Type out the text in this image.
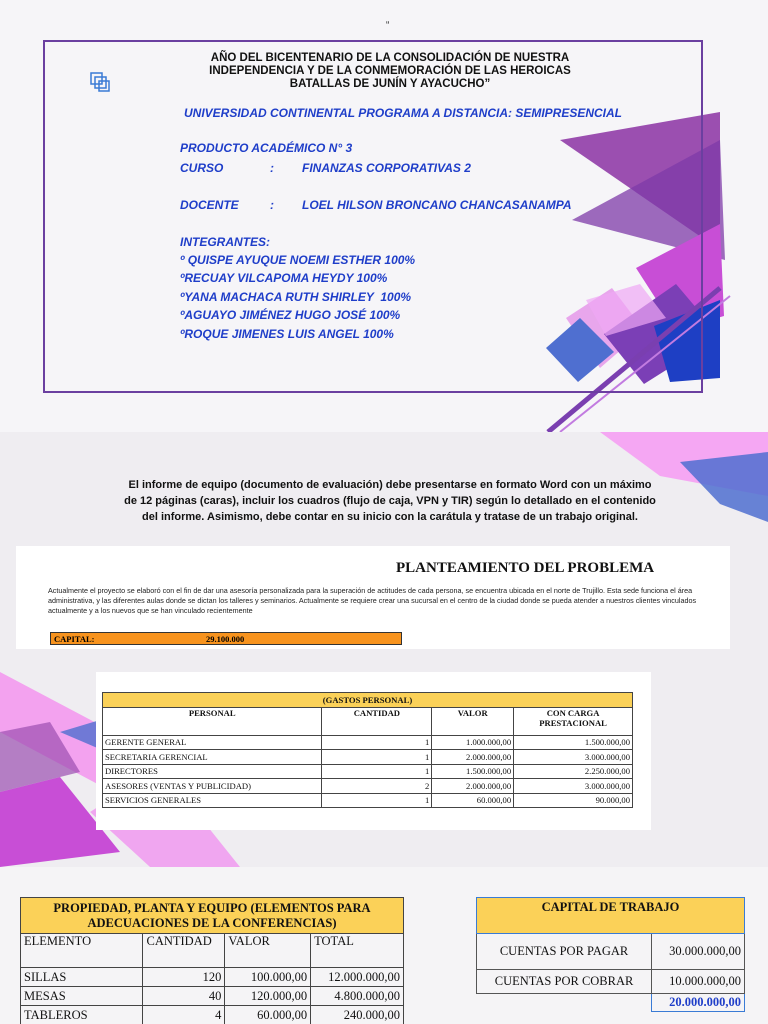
“
AÑO DEL BICENTENARIO DE LA CONSOLIDACIÓN DE NUESTRA
INDEPENDENCIA Y DE LA CONMEMORACIÓN DE LAS HEROICAS
BATALLAS DE JUNÍN Y AYACUCHO”
UNIVERSIDAD CONTINENTAL PROGRAMA A DISTANCIA: SEMIPRESENCIAL
PRODUCTO ACADÉMICO N° 3
CURSO	: FINANZAS CORPORATIVAS 2
DOCENTE	: LOEL HILSON BRONCANO CHANCASANAMPA
INTEGRANTES:
º QUISPE AYUQUE NOEMI ESTHER 100%
ºRECUAY VILCAPOMA HEYDY 100%
ºYANA MACHACA RUTH SHIRLEY  100%
ºAGUAYO JIMÉNEZ HUGO JOSÉ 100%
ºROQUE JIMENES LUIS ANGEL 100%
El informe de equipo (documento de evaluación) debe presentarse en formato Word con un máximo
de 12 páginas (caras), incluir los cuadros (flujo de caja, VPN y TIR) según lo detallado en el contenido
del informe. Asimismo, debe contar en su inicio con la carátula y tratase de un trabajo original.
PLANTEAMIENTO DEL PROBLEMA
Actualmente el proyecto se elaboró con el fin de dar una asesoría personalizada para la superación de actitudes de cada persona, se encuentra ubicada en el norte de Trujillo. Esta sede funciona el área administrativa, y las diferentes aulas donde se dictan los talleres y seminarios. Actualmente se requiere crear una sucursal en el centro de la ciudad donde se pueda atender a nuestros clientes vinculados actualmente y a los nuevos que se han vinculado recientemente
CAPITAL:	29.100.000
(GASTOS PERSONAL)			
PERSONAL	CANTIDAD	VALOR	CON CARGA PRESTACIONAL
GERENTE GENERAL	1	1.000.000,00	1.500.000,00
SECRETARIA GERENCIAL	1	2.000.000,00	3.000.000,00
DIRECTORES	1	1.500.000,00	2.250.000,00
ASESORES (VENTAS Y PUBLICIDAD)	2	2.000.000,00	3.000.000,00
SERVICIOS GENERALES	1	60.000,00	90.000,00
PROPIEDAD, PLANTA Y EQUIPO (ELEMENTOS PARA ADECUACIONES DE LA CONFERENCIAS)			
ELEMENTO	CANTIDAD	VALOR	TOTAL
SILLAS	120	100.000,00	12.000.000,00
MESAS	40	120.000,00	4.800.000,00
TABLEROS	4	60.000,00	240.000,00
CAPITAL DE TRABAJO	
CUENTAS POR PAGAR	30.000.000,00
CUENTAS POR COBRAR	10.000.000,00
	20.000.000,00
